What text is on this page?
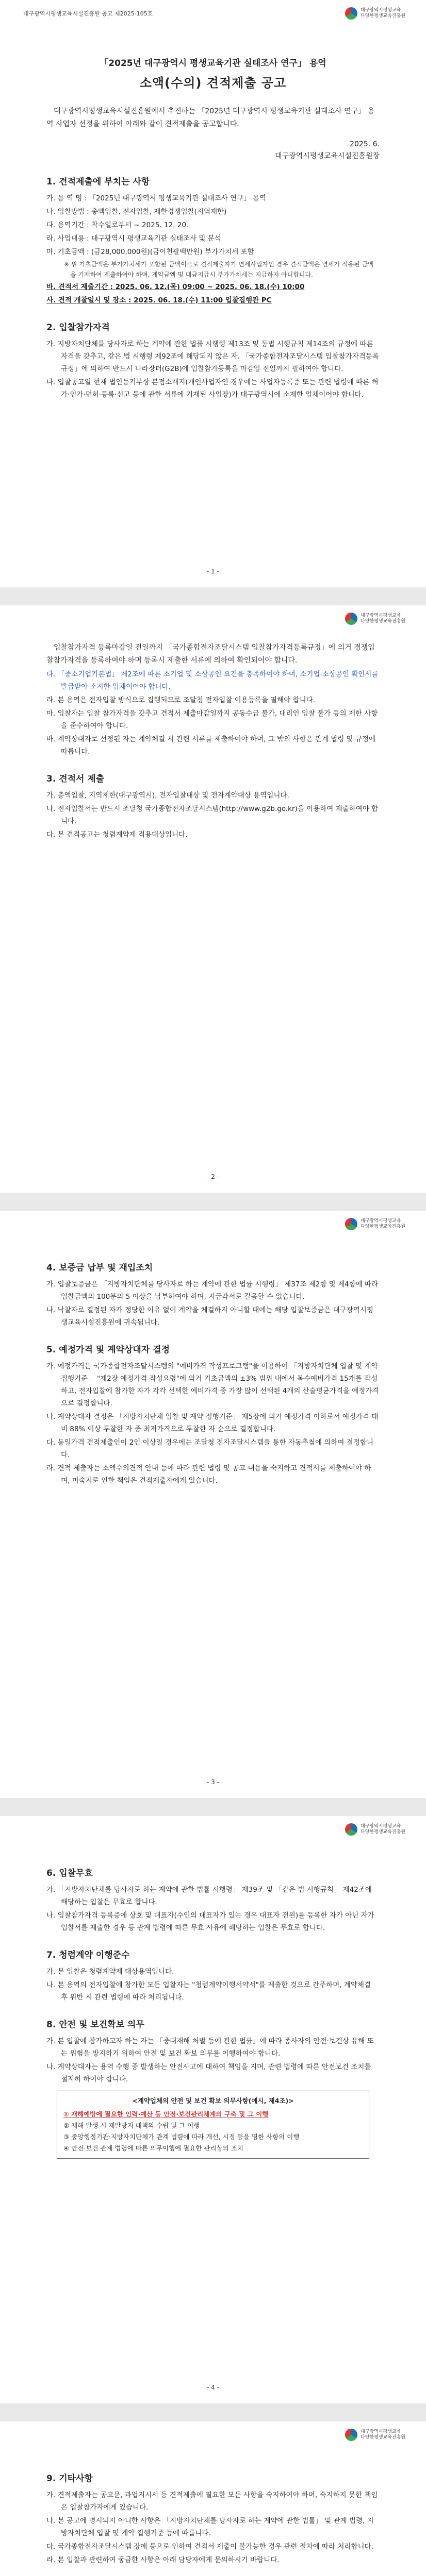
대구광역시평생교육시설진흥원 공고 제2025-105호	대구광역시평생교육
다양한평생교육진흥원
「2025년 대구광역시 평생교육기관 실태조사 연구」 용역
소액(수의) 견적제출 공고
대구광역시평생교육시설진흥원에서 추진하는 「2025년 대구광역시 평생교육기관 실태조사 연구」 용역 사업자 선정을 위하여 아래와 같이 견적제출을 공고합니다.
2025. 6.
대구광역시평생교육시설진흥원장
1. 견적제출에 부치는 사항
가. 용 역 명 : 「2025년 대구광역시 평생교육기관 실태조사 연구」 용역
나. 입찰방법 : 총액입찰, 전자입찰, 제한경쟁입찰(지역제한)
다. 용역기간 : 착수일로부터 ~ 2025. 12. 20.
라. 사업내용 : 대구광역시 평생교육기관 실태조사 및 분석
마. 기초금액 : (금28,000,000원)(금이천팔백만원) 부가가치세 포함
※ 위 기초금액은 부가가치세가 포함된 금액이므로 견적제출자가 면세사업자인 경우 견적금액은 면세가 적용된 금액을 기재하여 제출하여야 하며, 계약금액 및 대금지급시 부가가치세는 지급하지 아니합니다.
바. 견적서 제출기간 : 2025. 06. 12.(목) 09:00 ~ 2025. 06. 18.(수) 10:00
사. 견적 개찰일시 및 장소 : 2025. 06. 18.(수) 11:00 입찰집행관 PC
2. 입찰참가자격
가. 지방자치단체를 당사자로 하는 계약에 관한 법률 시행령 제13조 및 동법 시행규칙 제14조의 규정에 따른 자격을 갖추고, 같은 법 시행령 제92조에 해당되지 않은 자. 「국가종합전자조달시스템 입찰참가자격등록규정」에 의하여 반드시 나라장터(G2B)에 입찰참가등록을 마감일 전일까지 필하여야 합니다.
나. 입찰공고일 현재 법인등기부상 본점소재지(개인사업자인 경우에는 사업자등록증 또는 관련 법령에 따른 허가·인가·면허·등록·신고 등에 관한 서류에 기재된 사업장)가 대구광역시에 소재한 업체이어야 합니다.
- 1 -
대구광역시평생교육
다양한평생교육진흥원
입찰참가자격 등록마감일 전일까지 「국가종합전자조달시스템 입찰참가자격등록규정」에 의거 경쟁입찰참가자격을 등록하여야 하며 등록시 제출한 서류에 의하여 확인되어야 합니다.
다. 「중소기업기본법」 제2조에 따른 소기업 및 소상공인 요건을 충족하여야 하며, 소기업·소상공인 확인서를 발급받아 소지한 업체이어야 합니다.
라. 본 용역은 전자입찰 방식으로 집행되므로 조달청 전자입찰 이용등록을 필해야 합니다.
마. 입찰자는 입찰 참가자격을 갖추고 견적서 제출마감일까지 공동수급 불가, 대리인 입찰 불가 등의 제한 사항을 준수하여야 합니다.
바. 계약상대자로 선정된 자는 계약체결 시 관련 서류를 제출하여야 하며, 그 밖의 사항은 관계 법령 및 규정에 따릅니다.
3. 견적서 제출
가. 총액입찰, 지역제한(대구광역시), 전자입찰대상 및 전자계약대상 용역입니다.
나. 전자입찰서는 반드시 조달청 국가종합전자조달시스템(http://www.g2b.go.kr)을 이용하여 제출하여야 합니다.
다. 본 견적공고는 청렴계약제 적용대상입니다.
- 2 -
대구광역시평생교육
다양한평생교육진흥원
4. 보증금 납부 및 재입조치
가. 입찰보증금은 「지방자치단체를 당사자로 하는 계약에 관한 법률 시행령」 제37조 제2항 및 제4항에 따라 입찰금액의 100분의 5 이상을 납부하여야 하며, 지급각서로 갈음할 수 있습니다.
나. 낙찰자로 결정된 자가 정당한 이유 없이 계약을 체결하지 아니할 때에는 해당 입찰보증금은 대구광역시평생교육시설진흥원에 귀속됩니다.
5. 예정가격 및 계약상대자 결정
가. 예정가격은 국가종합전자조달시스템의 "예비가격 작성프로그램"을 이용하여 「지방자치단체 입찰 및 계약 집행기준」 "제2장 예정가격 작성요령"에 의거 기초금액의 ±3% 범위 내에서 복수예비가격 15개를 작성하고, 전자입찰에 참가한 자가 각각 선택한 예비가격 중 가장 많이 선택된 4개의 산술평균가격을 예정가격으로 결정합니다.
나. 계약상대자 결정은 「지방자치단체 입찰 및 계약 집행기준」 제5장에 의거 예정가격 이하로서 예정가격 대비 88% 이상 투찰한 자 중 최저가격으로 투찰한 자 순으로 결정합니다.
다. 동일가격 견적제출인이 2인 이상일 경우에는 조달청 전자조달시스템을 통한 자동추첨에 의하여 결정합니다.
라. 견적 제출자는 소액수의견적 안내 등에 따라 관련 법령 및 공고 내용을 숙지하고 견적서를 제출하여야 하며, 미숙지로 인한 책임은 견적제출자에게 있습니다.
- 3 -
대구광역시평생교육
다양한평생교육진흥원
6. 입찰무효
가. 「지방자치단체를 당사자로 하는 계약에 관한 법률 시행령」 제39조 및 「같은 법 시행규칙」 제42조에 해당하는 입찰은 무효로 합니다.
나. 입찰참가자격 등록증에 상호 및 대표자(수인의 대표자가 있는 경우 대표자 전원)를 등록한 자가 아닌 자가 입찰서를 제출한 경우 등 관계 법령에 따른 무효 사유에 해당하는 입찰은 무효로 합니다.
7. 청렴계약 이행준수
가. 본 입찰은 청렴계약제 대상용역입니다.
나. 본 용역의 전자입찰에 참가한 모든 입찰자는 "청렴계약이행서약서"를 제출한 것으로 간주하며, 계약체결 후 위반 시 관련 법령에 따라 처리됩니다.
8. 안전 및 보건확보 의무
가. 본 입찰에 참가하고자 하는 자는 「중대재해 처벌 등에 관한 법률」에 따라 종사자의 안전·보건상 유해 또는 위험을 방지하기 위하여 안전 및 보건 확보 의무를 이행하여야 합니다.
나. 계약상대자는 용역 수행 중 발생하는 안전사고에 대하여 책임을 지며, 관련 법령에 따른 안전보건 조치를 철저히 하여야 합니다.
<계약업체의 안전 및 보건 확보 의무사항(예시, 제4조)>
① 재해예방에 필요한 인력·예산 등 안전·보건관리체계의 구축 및 그 이행
② 재해 발생 시 재발방지 대책의 수립 및 그 이행
③ 중앙행정기관·지방자치단체가 관계 법령에 따라 개선, 시정 등을 명한 사항의 이행
④ 안전·보건 관계 법령에 따른 의무이행에 필요한 관리상의 조치
- 4 -
대구광역시평생교육
다양한평생교육진흥원
9. 기타사항
가. 견적제출자는 공고문, 과업지시서 등 견적제출에 필요한 모든 사항을 숙지하여야 하며, 숙지하지 못한 책임은 입찰참가자에게 있습니다.
나. 본 공고에 명시되지 아니한 사항은 「지방자치단체를 당사자로 하는 계약에 관한 법률」 및 관계 법령, 지방자치단체 입찰 및 계약 집행기준 등에 따릅니다.
다. 국가종합전자조달시스템 장애 등으로 인하여 견적서 제출이 불가능한 경우 관련 절차에 따라 처리합니다.
라. 본 입찰과 관련하여 궁금한 사항은 아래 담당자에게 문의하시기 바랍니다.
